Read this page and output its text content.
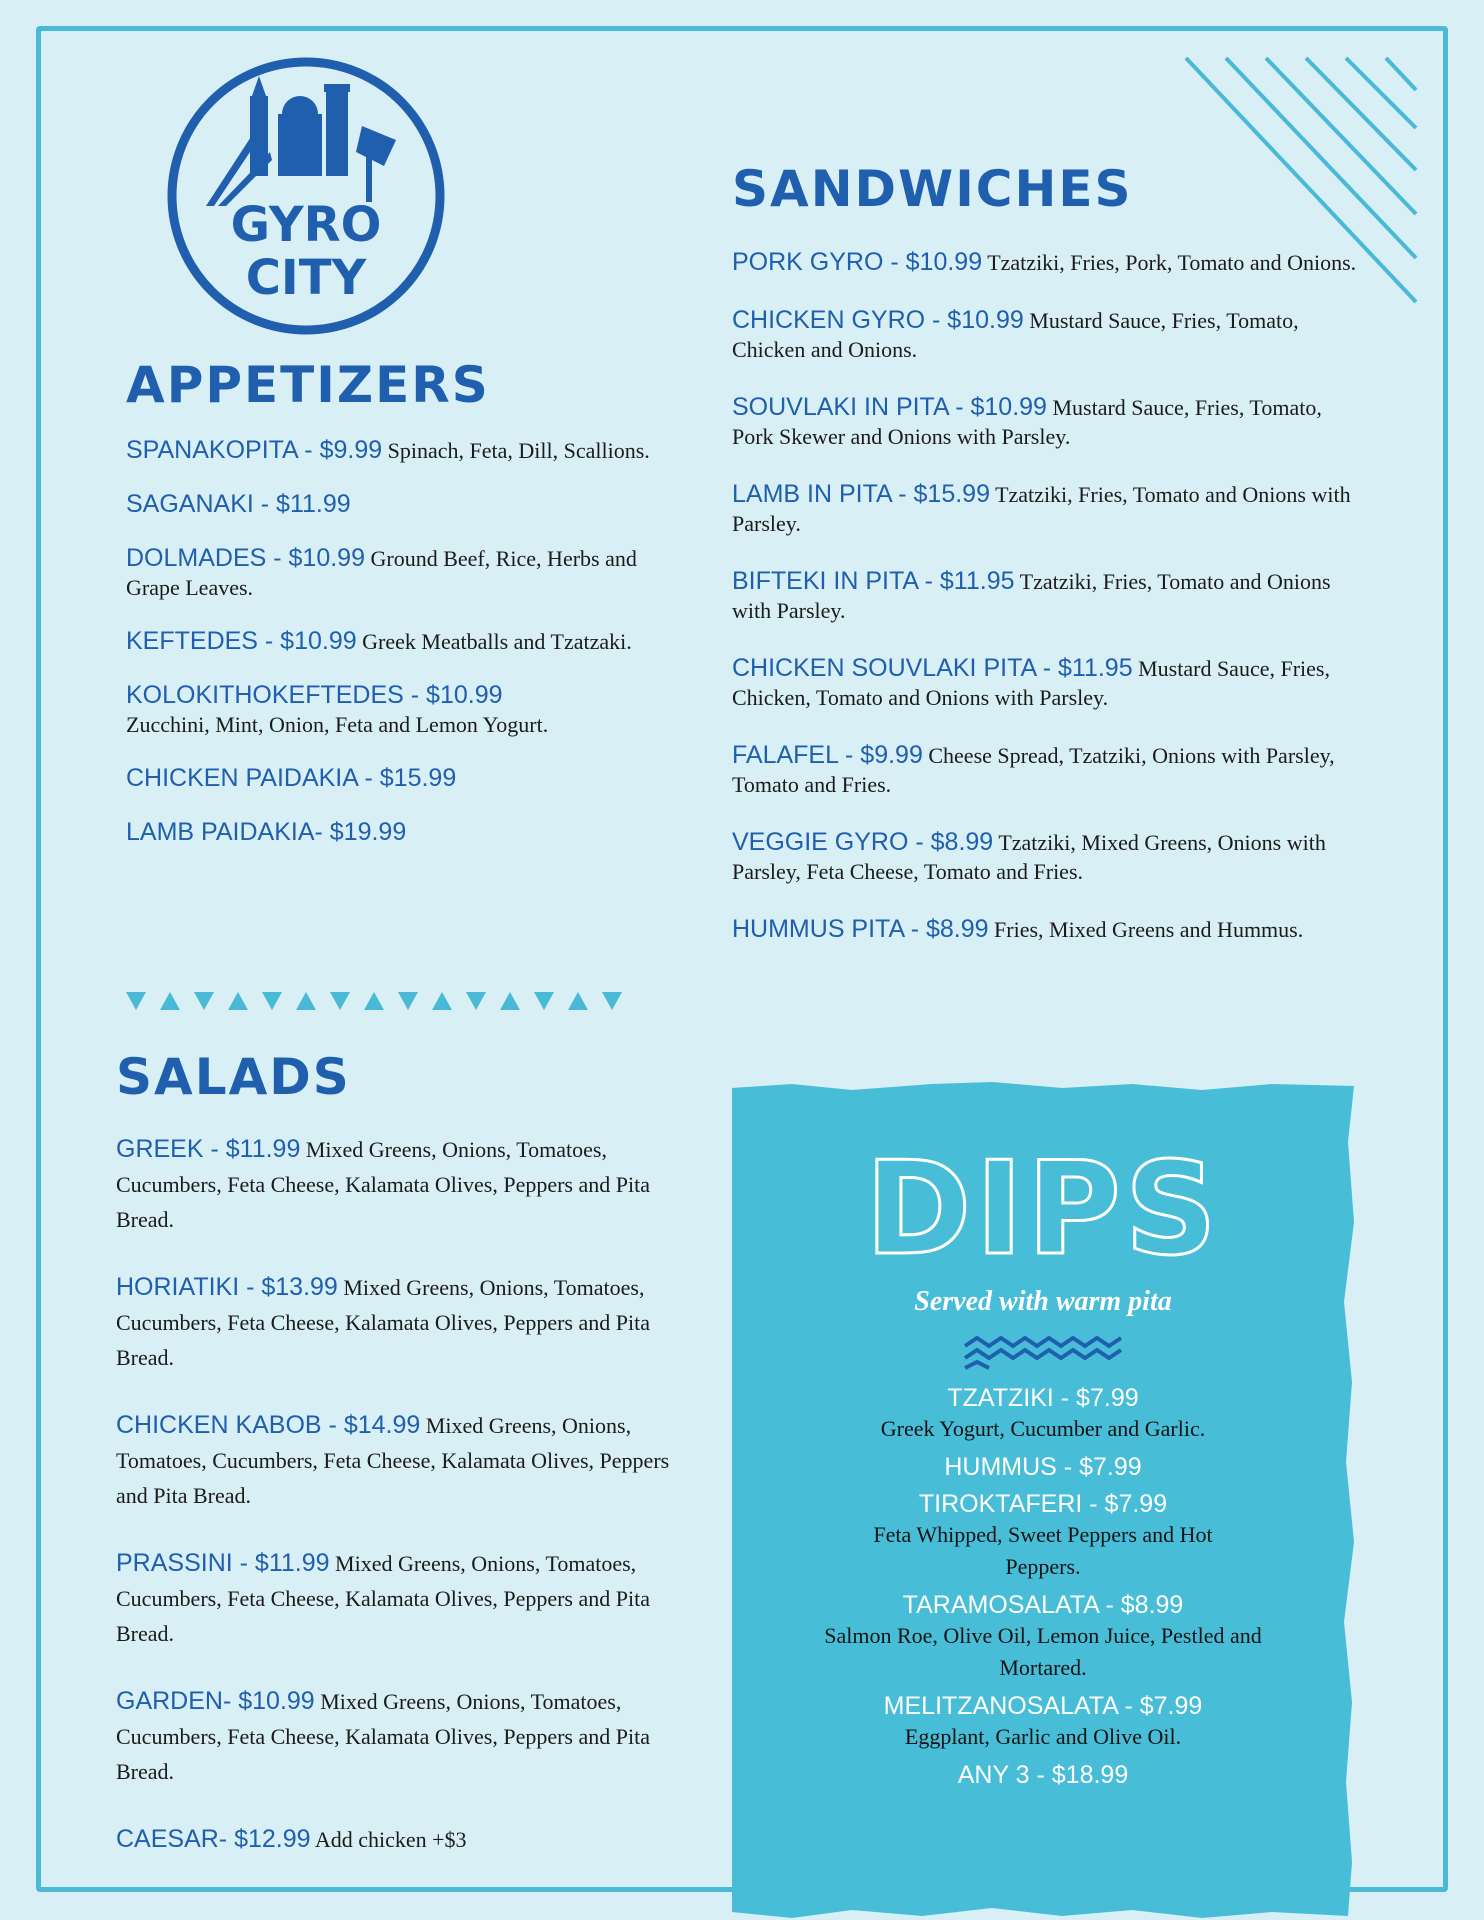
GYRO
CITY
APPETIZERS
SPANAKOPITA - $9.99 Spinach, Feta, Dill, Scallions.
SAGANAKI - $11.99
DOLMADES - $10.99 Ground Beef, Rice, Herbs and Grape Leaves.
KEFTEDES - $10.99 Greek Meatballs and Tzatzaki.
KOLOKITHOKEFTEDES - $10.99
Zucchini, Mint, Onion, Feta and Lemon Yogurt.
CHICKEN PAIDAKIA - $15.99
LAMB PAIDAKIA- $19.99
SALADS
GREEK - $11.99 Mixed Greens, Onions, Tomatoes, Cucumbers, Feta Cheese, Kalamata Olives, Peppers and Pita Bread.
HORIATIKI - $13.99 Mixed Greens, Onions, Tomatoes, Cucumbers, Feta Cheese, Kalamata Olives, Peppers and Pita Bread.
CHICKEN KABOB - $14.99 Mixed Greens, Onions, Tomatoes, Cucumbers, Feta Cheese, Kalamata Olives, Peppers and Pita Bread.
PRASSINI - $11.99 Mixed Greens, Onions, Tomatoes, Cucumbers, Feta Cheese, Kalamata Olives, Peppers and Pita Bread.
GARDEN- $10.99 Mixed Greens, Onions, Tomatoes, Cucumbers, Feta Cheese, Kalamata Olives, Peppers and Pita Bread.
CAESAR- $12.99 Add chicken +$3
SANDWICHES
PORK GYRO - $10.99 Tzatziki, Fries, Pork, Tomato and Onions.
CHICKEN GYRO - $10.99 Mustard Sauce, Fries, Tomato, Chicken and Onions.
SOUVLAKI IN PITA - $10.99 Mustard Sauce, Fries, Tomato, Pork Skewer and Onions with Parsley.
LAMB IN PITA - $15.99 Tzatziki, Fries, Tomato and Onions with Parsley.
BIFTEKI IN PITA - $11.95 Tzatziki, Fries, Tomato and Onions with Parsley.
CHICKEN SOUVLAKI PITA - $11.95 Mustard Sauce, Fries, Chicken, Tomato and Onions with Parsley.
FALAFEL - $9.99 Cheese Spread, Tzatziki, Onions with Parsley, Tomato and Fries.
VEGGIE GYRO - $8.99 Tzatziki, Mixed Greens, Onions with Parsley, Feta Cheese, Tomato and Fries.
HUMMUS PITA - $8.99 Fries, Mixed Greens and Hummus.
DIPS
Served with warm pita
TZATZIKI - $7.99
Greek Yogurt, Cucumber and Garlic.
HUMMUS - $7.99
TIROKTAFERI - $7.99
Feta Whipped, Sweet Peppers and Hot Peppers.
TARAMOSALATA - $8.99
Salmon Roe, Olive Oil, Lemon Juice, Pestled and Mortared.
MELITZANOSALATA - $7.99
Eggplant, Garlic and Olive Oil.
ANY 3 - $18.99
